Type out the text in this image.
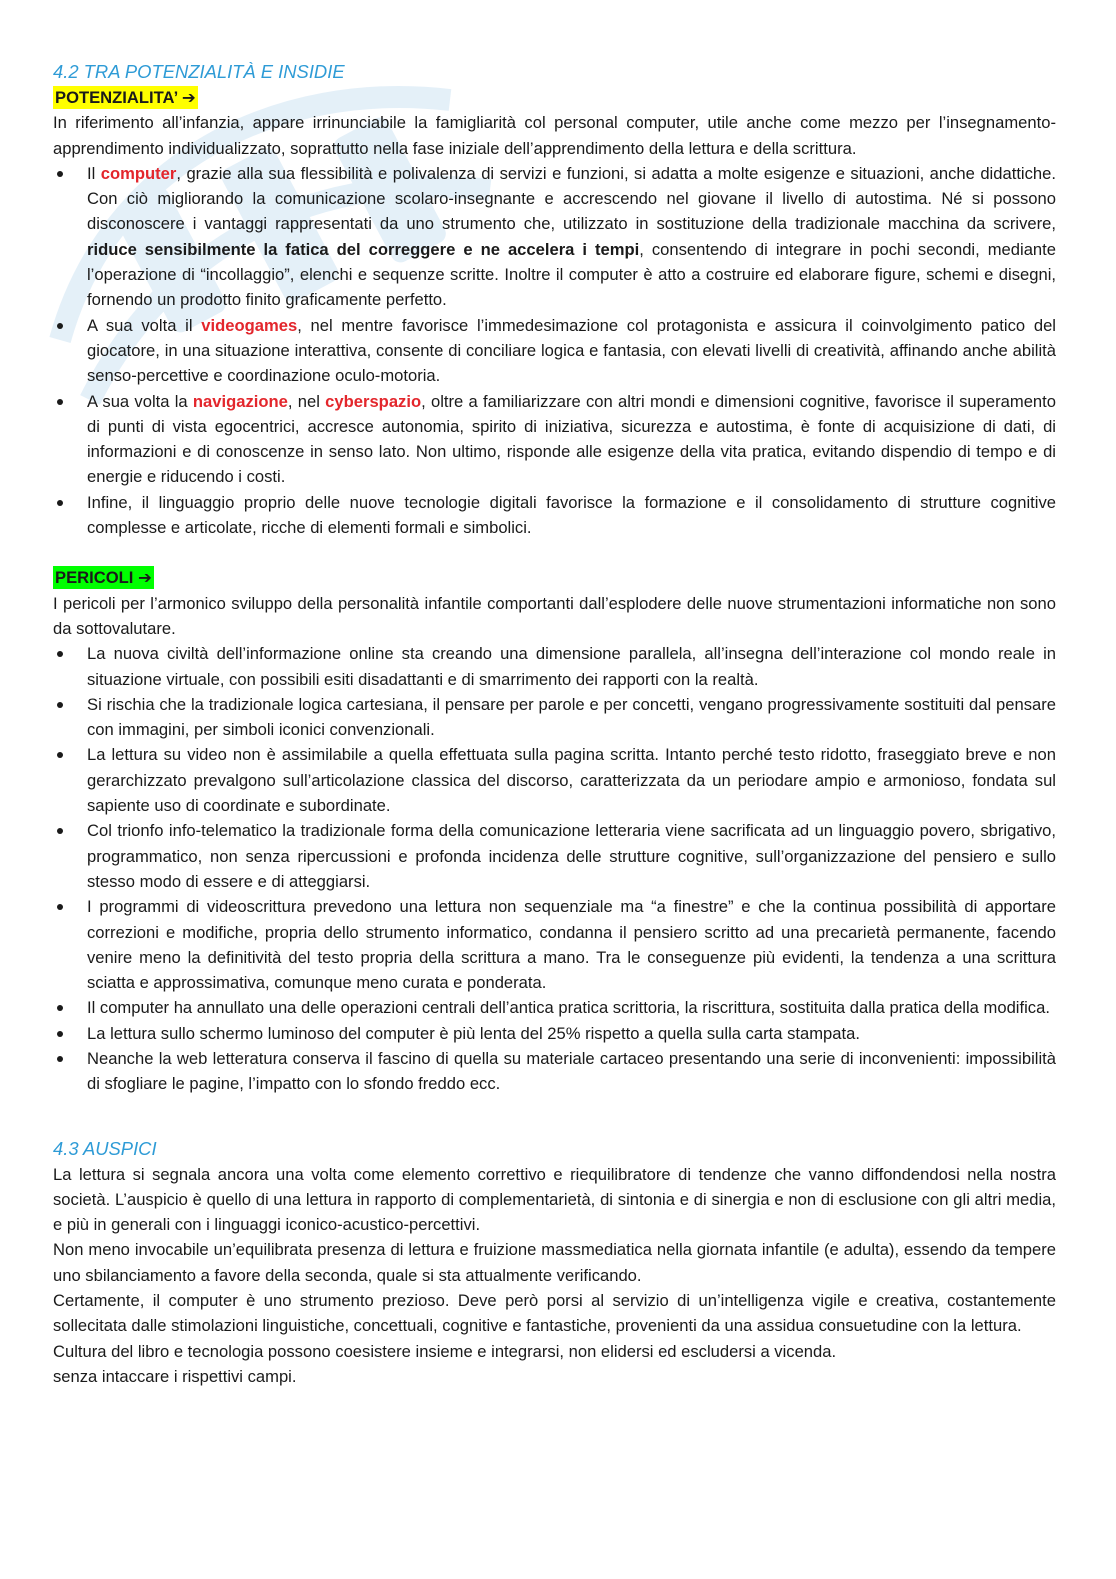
4.2 TRA POTENZIALITÀ E INSIDIE
POTENZIALITA’ ➔

In riferimento all’infanzia, appare irrinunciabile la famigliarità col personal computer, utile anche come mezzo per l’insegnamento-apprendimento individualizzato, soprattutto nella fase iniziale dell’apprendimento della lettura e della scrittura.

Il computer, grazie alla sua flessibilità e polivalenza di servizi e funzioni, si adatta a molte esigenze e situazioni, anche didattiche. Con ciò migliorando la comunicazione scolaro-insegnante e accrescendo nel giovane il livello di autostima. Né si possono disconoscere i vantaggi rappresentati da uno strumento che, utilizzato in sostituzione della tradizionale macchina da scrivere, riduce sensibilmente la fatica del correggere e ne accelera i tempi, consentendo di integrare in pochi secondi, mediante l’operazione di “incollaggio”, elenchi e sequenze scritte. Inoltre il computer è atto a costruire ed elaborare figure, schemi e disegni, fornendo un prodotto finito graficamente perfetto.
A sua volta il videogames, nel mentre favorisce l’immedesimazione col protagonista e assicura il coinvolgimento patico del giocatore, in una situazione interattiva, consente di conciliare logica e fantasia, con elevati livelli di creatività, affinando anche abilità senso-percettive e coordinazione oculo-motoria.
A sua volta la navigazione, nel cyberspazio, oltre a familiarizzare con altri mondi e dimensioni cognitive, favorisce il superamento di punti di vista egocentrici, accresce autonomia, spirito di iniziativa, sicurezza e autostima, è fonte di acquisizione di dati, di informazioni e di conoscenze in senso lato. Non ultimo, risponde alle esigenze della vita pratica, evitando dispendio di tempo e di energie e riducendo i costi.
Infine, il linguaggio proprio delle nuove tecnologie digitali favorisce la formazione e il consolidamento di strutture cognitive complesse e articolate, ricche di elementi formali e simbolici.
PERICOLI ➔

I pericoli per l’armonico sviluppo della personalità infantile comportanti dall’esplodere delle nuove strumentazioni informatiche non sono da sottovalutare.

La nuova civiltà dell’informazione online sta creando una dimensione parallela, all’insegna dell’interazione col mondo reale in situazione virtuale, con possibili esiti disadattanti e di smarrimento dei rapporti con la realtà.
Si rischia che la tradizionale logica cartesiana, il pensare per parole e per concetti, vengano progressivamente sostituiti dal pensare con immagini, per simboli iconici convenzionali.
La lettura su video non è assimilabile a quella effettuata sulla pagina scritta. Intanto perché testo ridotto, fraseggiato breve e non gerarchizzato prevalgono sull’articolazione classica del discorso, caratterizzata da un periodare ampio e armonioso, fondata sul sapiente uso di coordinate e subordinate.
Col trionfo info-telematico la tradizionale forma della comunicazione letteraria viene sacrificata ad un linguaggio povero, sbrigativo, programmatico, non senza ripercussioni e profonda incidenza delle strutture cognitive, sull’organizzazione del pensiero e sullo stesso modo di essere e di atteggiarsi.
I programmi di videoscrittura prevedono una lettura non sequenziale ma “a finestre” e che la continua possibilità di apportare correzioni e modifiche, propria dello strumento informatico, condanna il pensiero scritto ad una precarietà permanente, facendo venire meno la definitività del testo propria della scrittura a mano. Tra le conseguenze più evidenti, la tendenza a una scrittura sciatta e approssimativa, comunque meno curata e ponderata.
Il computer ha annullato una delle operazioni centrali dell’antica pratica scrittoria, la riscrittura, sostituita dalla pratica della modifica.
La lettura sullo schermo luminoso del computer è più lenta del 25% rispetto a quella sulla carta stampata.
Neanche la web letteratura conserva il fascino di quella su materiale cartaceo presentando una serie di inconvenienti: impossibilità di sfogliare le pagine, l’impatto con lo sfondo freddo ecc.
4.3 AUSPICI

La lettura si segnala ancora una volta come elemento correttivo e riequilibratore di tendenze che vanno diffondendosi nella nostra società. L’auspicio è quello di una lettura in rapporto di complementarietà, di sintonia e di sinergia e non di esclusione con gli altri media, e più in generali con i linguaggi iconico-acustico-percettivi.

Non meno invocabile un’equilibrata presenza di lettura e fruizione massmediatica nella giornata infantile (e adulta), essendo da tempere uno sbilanciamento a favore della seconda, quale si sta attualmente verificando.

Certamente, il computer è uno strumento prezioso. Deve però porsi al servizio di un’intelligenza vigile e creativa, costantemente sollecitata dalle stimolazioni linguistiche, concettuali, cognitive e fantastiche, provenienti da una assidua consuetudine con la lettura.

Cultura del libro e tecnologia possono coesistere insieme e integrarsi, non elidersi ed escludersi a vicenda.

senza intaccare i rispettivi campi.
